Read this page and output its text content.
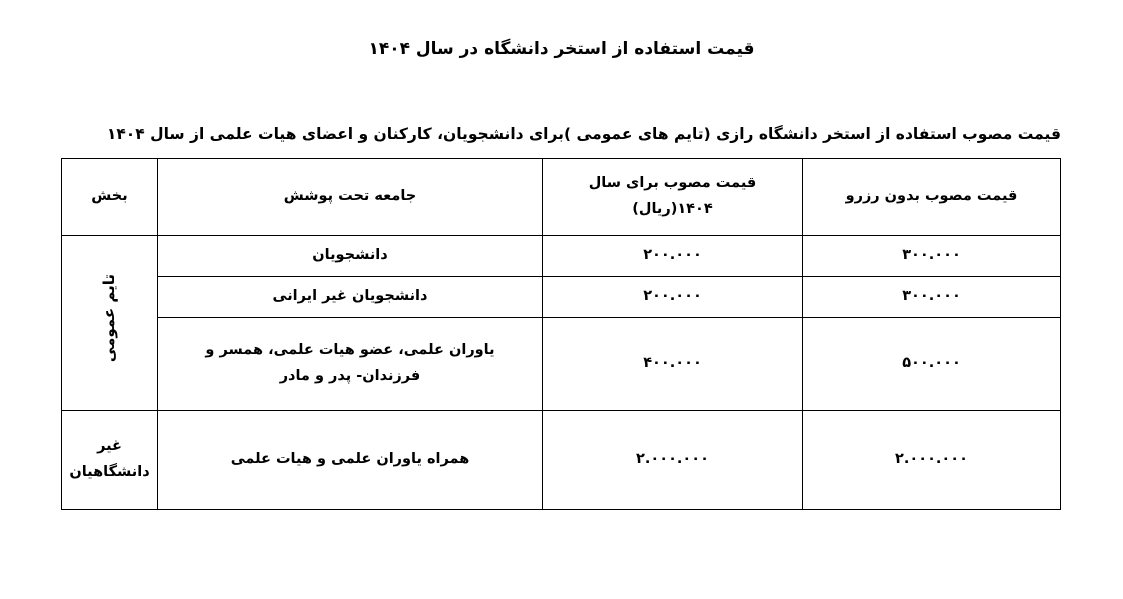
قیمت استفاده از استخر دانشگاه در سال ۱۴۰۴

قیمت مصوب استفاده از استخر دانشگاه رازی (تایم های عمومی )برای دانشجویان، کارکنان و اعضای هیات علمی از سال ۱۴۰۴

قیمت مصوب بدون رزرو	قیمت مصوب برای سال ۱۴۰۴(ریال)	جامعه تحت پوشش	بخش
۳۰۰.۰۰۰	۲۰۰.۰۰۰	دانشجویان	تایم عمومی
۳۰۰.۰۰۰	۲۰۰.۰۰۰	دانشجویان غیر ایرانی	
۵۰۰.۰۰۰	۴۰۰.۰۰۰	یاوران علمی، عضو هیات علمی، همسر و
فرزندان- پدر و مادر	

۲.۰۰۰.۰۰۰	۲.۰۰۰.۰۰۰	همراه یاوران علمی و هیات علمی	غیر
دانشگاهیان
